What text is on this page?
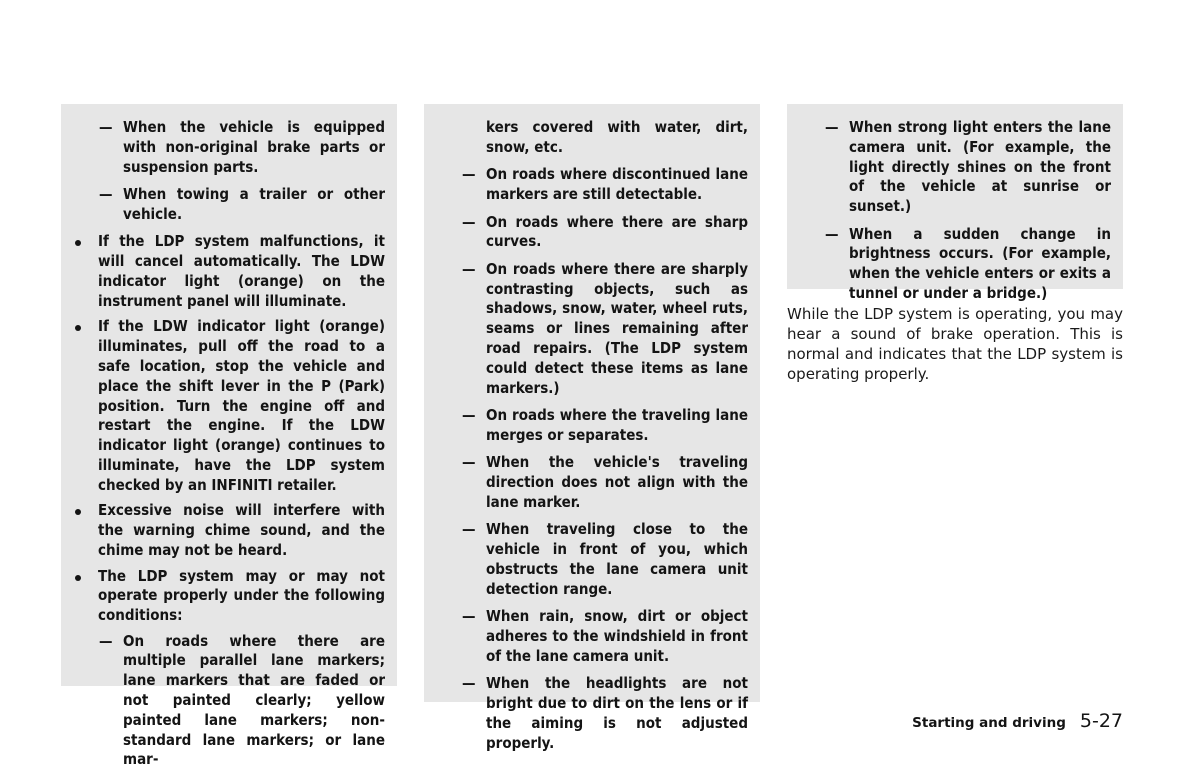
— When the vehicle is equipped with non-original brake parts or suspension parts.
— When towing a trailer or other vehicle.
If the LDP system malfunctions, it will cancel automatically. The LDW indicator light (orange) on the instrument panel will illuminate.
If the LDW indicator light (orange) illuminates, pull off the road to a safe location, stop the vehicle and place the shift lever in the P (Park) position. Turn the engine off and restart the engine. If the LDW indicator light (orange) continues to illuminate, have the LDP system checked by an INFINITI retailer.
Excessive noise will interfere with the warning chime sound, and the chime may not be heard.
The LDP system may or may not operate properly under the following conditions:
— On roads where there are multiple parallel lane markers; lane markers that are faded or not painted clearly; yellow painted lane markers; non-standard lane markers; or lane mar-
kers covered with water, dirt, snow, etc.
— On roads where discontinued lane markers are still detectable.
— On roads where there are sharp curves.
— On roads where there are sharply contrasting objects, such as shadows, snow, water, wheel ruts, seams or lines remaining after road repairs. (The LDP system could detect these items as lane markers.)
— On roads where the traveling lane merges or separates.
— When the vehicle's traveling direction does not align with the lane marker.
— When traveling close to the vehicle in front of you, which obstructs the lane camera unit detection range.
— When rain, snow, dirt or object adheres to the windshield in front of the lane camera unit.
— When the headlights are not bright due to dirt on the lens or if the aiming is not adjusted properly.
— When strong light enters the lane camera unit. (For example, the light directly shines on the front of the vehicle at sunrise or sunset.)
— When a sudden change in brightness occurs. (For example, when the vehicle enters or exits a tunnel or under a bridge.)
While the LDP system is operating, you may hear a sound of brake operation. This is normal and indicates that the LDP system is operating properly.
Starting and driving 5-27
